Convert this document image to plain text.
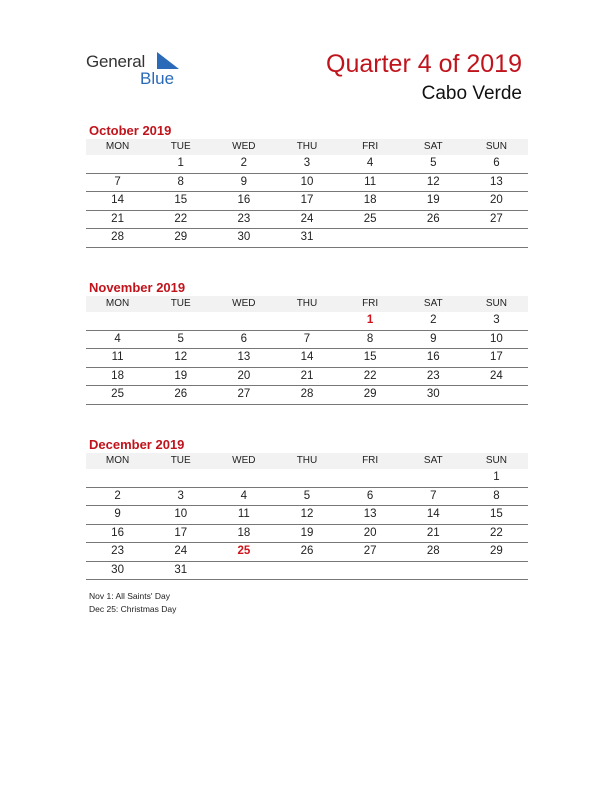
General
Blue
Quarter 4 of 2019
Cabo Verde
October 2019
MON	TUE	WED	THU	FRI	SAT	SUN
	1	2	3	4	5	6
7	8	9	10	11	12	13
14	15	16	17	18	19	20
21	22	23	24	25	26	27
28	29	30	31			
November 2019
MON	TUE	WED	THU	FRI	SAT	SUN
				1	2	3
4	5	6	7	8	9	10
11	12	13	14	15	16	17
18	19	20	21	22	23	24
25	26	27	28	29	30	
December 2019
MON	TUE	WED	THU	FRI	SAT	SUN
						1
2	3	4	5	6	7	8
9	10	11	12	13	14	15
16	17	18	19	20	21	22
23	24	25	26	27	28	29
30	31					
Nov 1: All Saints' Day
Dec 25: Christmas Day
